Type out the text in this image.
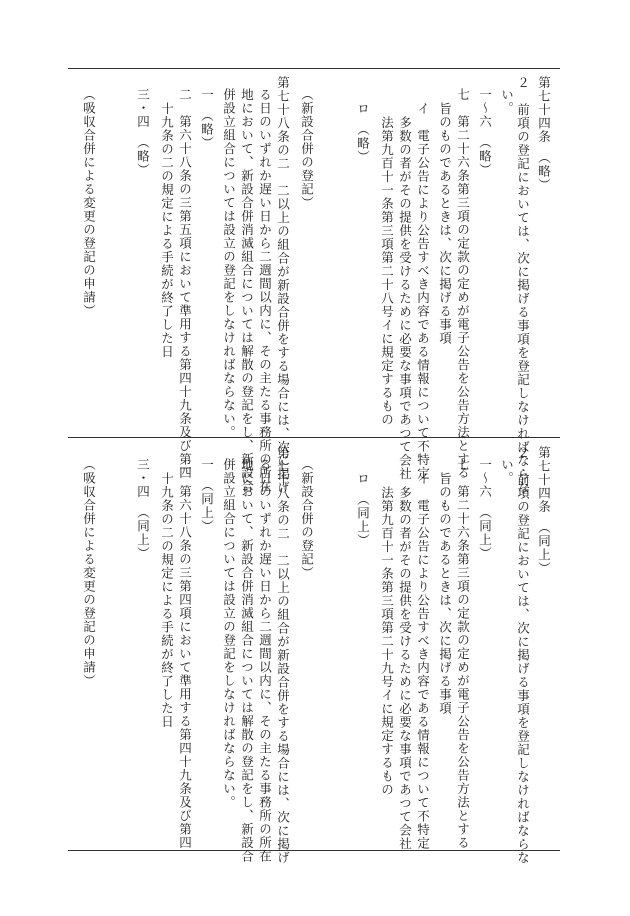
第七十四条　（略）
２　前項の登記においては、次に掲げる事項を登記しなければならな
い。
一〜六　（略）
七　第二十六条第三項の定款の定めが電子公告を公告方法とする
旨のものであるときは、次に掲げる事項
イ　電子公告により公告すべき内容である情報について不特定
多数の者がその提供を受けるために必要な事項であつて会社
法第九百十一条第三項第二十八号イに規定するもの
ロ　（略）
（新設合併の登記）
第七十八条の二　二以上の組合が新設合併をする場合には、次に掲げ
る日のいずれか遅い日から二週間以内に、その主たる事務所の所在
地において、新設合併消滅組合については解散の登記をし、新設合
併設立組合については設立の登記をしなければならない。
一　（略）
二　第六十八条の三第五項において準用する第四十九条及び第四
十九条の二の規定による手続が終了した日
三・四　（略）
（吸収合併による変更の登記の申請）
第七十四条　（同上）
２　前項の登記においては、次に掲げる事項を登記しなければならな
い。
一〜六　（同上）
七　第二十六条第三項の定款の定めが電子公告を公告方法とする
旨のものであるときは、次に掲げる事項
イ　電子公告により公告すべき内容である情報について不特定
多数の者がその提供を受けるために必要な事項であつて会社
法第九百十一条第三項第二十九号イに規定するもの
ロ　（同上）
（新設合併の登記）
第七十八条の二　二以上の組合が新設合併をする場合には、次に掲げ
る日のいずれか遅い日から二週間以内に、その主たる事務所の所在
地において、新設合併消滅組合については解散の登記をし、新設合
併設立組合については設立の登記をしなければならない。
一　（同上）
二　第六十八条の三第四項において準用する第四十九条及び第四
十九条の二の規定による手続が終了した日
三・四　（同上）
（吸収合併による変更の登記の申請）
